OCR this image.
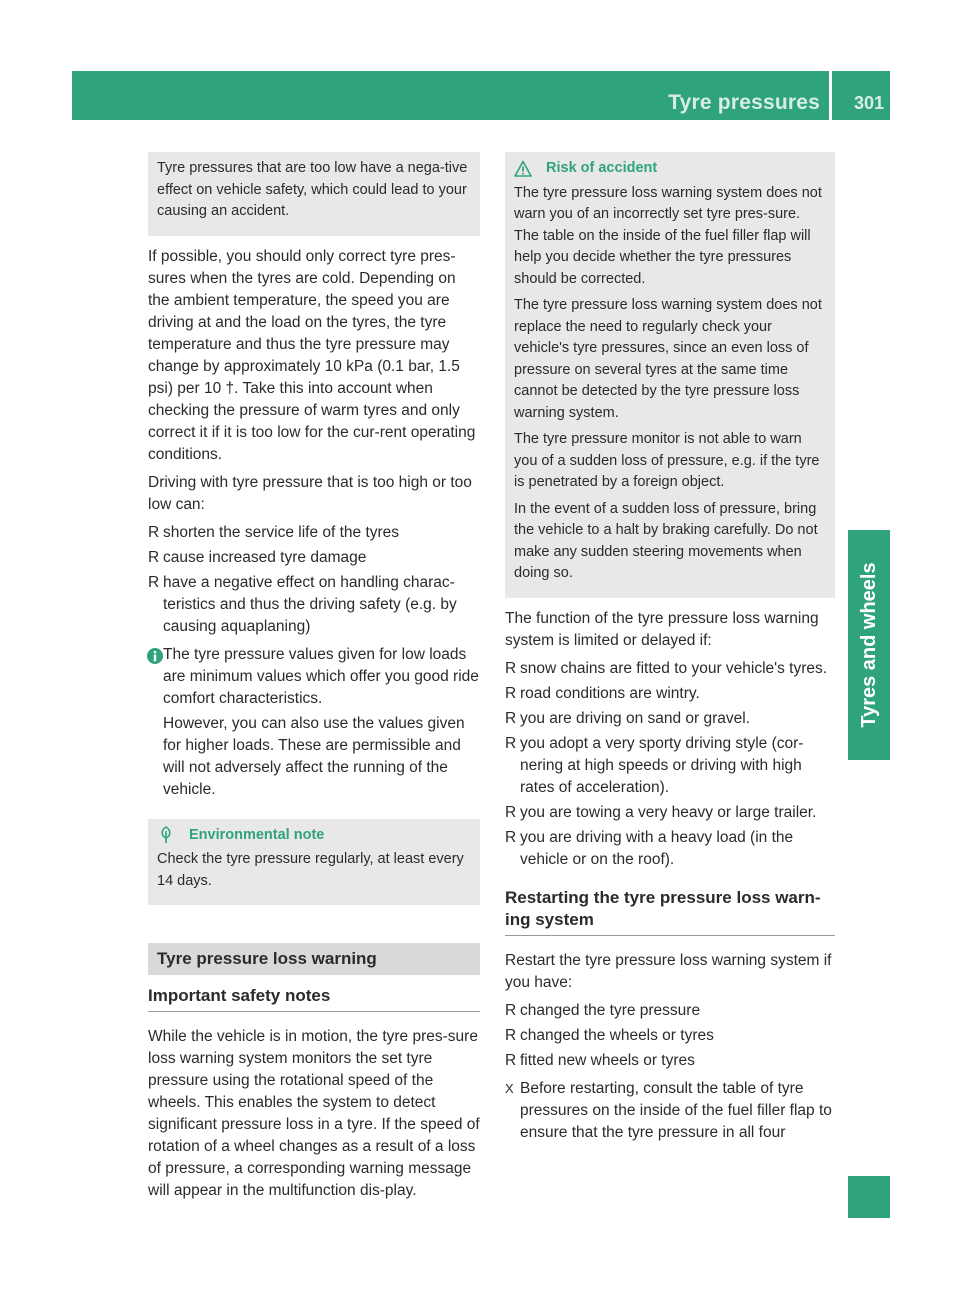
Tyre pressures 301
Tyres and wheels

Tyre pressures that are too low have a nega-tive effect on vehicle safety, which could lead to your causing an accident.

If possible, you should only correct tyre pres-sures when the tyres are cold. Depending on the ambient temperature, the speed you are driving at and the load on the tyres, the tyre temperature and thus the tyre pressure may change by approximately 10 kPa (0.1 bar, 1.5 psi) per 10 †. Take this into account when checking the pressure of warm tyres and only correct it if it is too low for the cur-rent operating conditions.

Driving with tyre pressure that is too high or too low can:

R shorten the service life of the tyres
R cause increased tyre damage
R have a negative effect on handling charac-teristics and thus the driving safety (e.g. by causing aquaplaning)

The tyre pressure values given for low loads are minimum values which offer you good ride comfort characteristics.

However, you can also use the values given for higher loads. These are permissible and will not adversely affect the running of the vehicle.

Environmental note

Check the tyre pressure regularly, at least every 14 days.

Tyre pressure loss warning
Important safety notes

While the vehicle is in motion, the tyre pres-sure loss warning system monitors the set tyre pressure using the rotational speed of the wheels. This enables the system to detect significant pressure loss in a tyre. If the speed of rotation of a wheel changes as a result of a loss of pressure, a corresponding warning message will appear in the multifunction dis-play.

Risk of accident

The tyre pressure loss warning system does not warn you of an incorrectly set tyre pres-sure. The table on the inside of the fuel filler flap will help you decide whether the tyre pressures should be corrected.

The tyre pressure loss warning system does not replace the need to regularly check your vehicle's tyre pressures, since an even loss of pressure on several tyres at the same time cannot be detected by the tyre pressure loss warning system.

The tyre pressure monitor is not able to warn you of a sudden loss of pressure, e.g. if the tyre is penetrated by a foreign object.

In the event of a sudden loss of pressure, bring the vehicle to a halt by braking carefully. Do not make any sudden steering movements when doing so.

The function of the tyre pressure loss warning system is limited or delayed if:

R snow chains are fitted to your vehicle's tyres.
R road conditions are wintry.
R you are driving on sand or gravel.
R you adopt a very sporty driving style (cor-nering at high speeds or driving with high rates of acceleration).
R you are towing a very heavy or large trailer.
R you are driving with a heavy load (in the vehicle or on the roof).
Restarting the tyre pressure loss warn-ing system

Restart the tyre pressure loss warning system if you have:

R changed the tyre pressure
R changed the wheels or tyres
R fitted new wheels or tyres
X Before restarting, consult the table of tyre pressures on the inside of the fuel filler flap to ensure that the tyre pressure in all four
